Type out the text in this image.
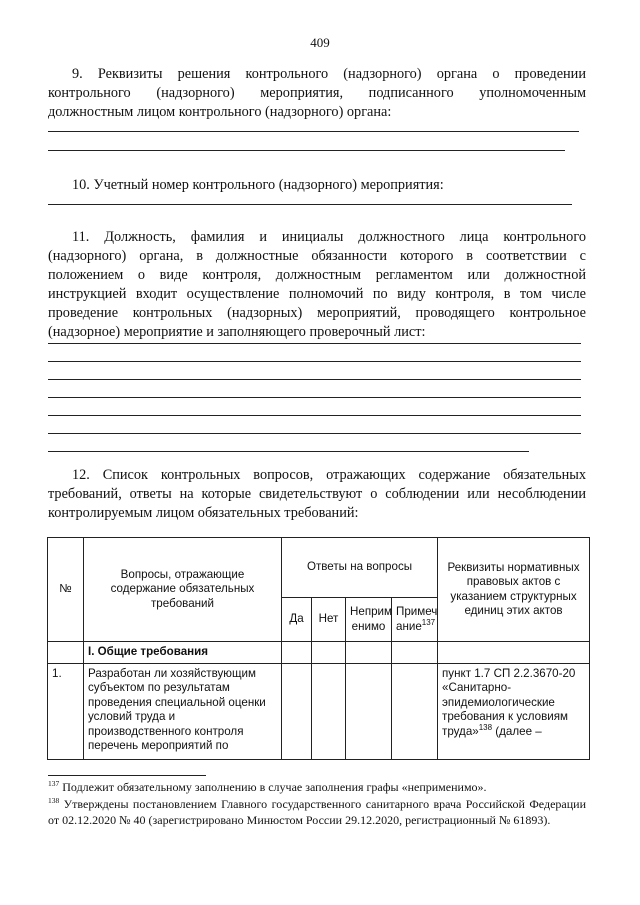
409

9. Реквизиты решения контрольного (надзорного) органа о проведении контрольного (надзорного) мероприятия, подписанного уполномоченным должностным лицом контрольного (надзорного) органа:

10. Учетный номер контрольного (надзорного) мероприятия:

11. Должность, фамилия и инициалы должностного лица контрольного (надзорного) органа, в должностные обязанности которого в соответствии с положением о виде контроля, должностным регламентом или должностной инструкцией входит осуществление полномочий по виду контроля, в том числе проведение контрольных (надзорных) мероприятий, проводящего контрольное (надзорное) мероприятие и заполняющего проверочный лист:

12. Список контрольных вопросов, отражающих содержание обязательных требований, ответы на которые свидетельствуют о соблюдении или несоблюдении контролируемым лицом обязательных требований:

№	Вопросы, отражающие содержание обязательных требований	Ответы на вопросы				Реквизиты нормативных правовых актов с указанием структурных единиц этих актов
		Да	Нет	Неприм енимо	Примеч ание$^{137}$
	I. Общие требования					
1.	Разработан ли хозяйствующим субъектом по результатам проведения специальной оценки условий труда и производственного контроля перечень мероприятий по					пункт 1.7 СП 2.2.3670-20 «Санитарно-эпидемиологические требования к условиям труда»$^{138}$ (далее –

$^{137}$ Подлежит обязательному заполнению в случае заполнения графы «неприменимо».

$^{138}$ Утверждены постановлением Главного государственного санитарного врача Российской Федерации от 02.12.2020 № 40 (зарегистрировано Минюстом России 29.12.2020, регистрационный № 61893).
